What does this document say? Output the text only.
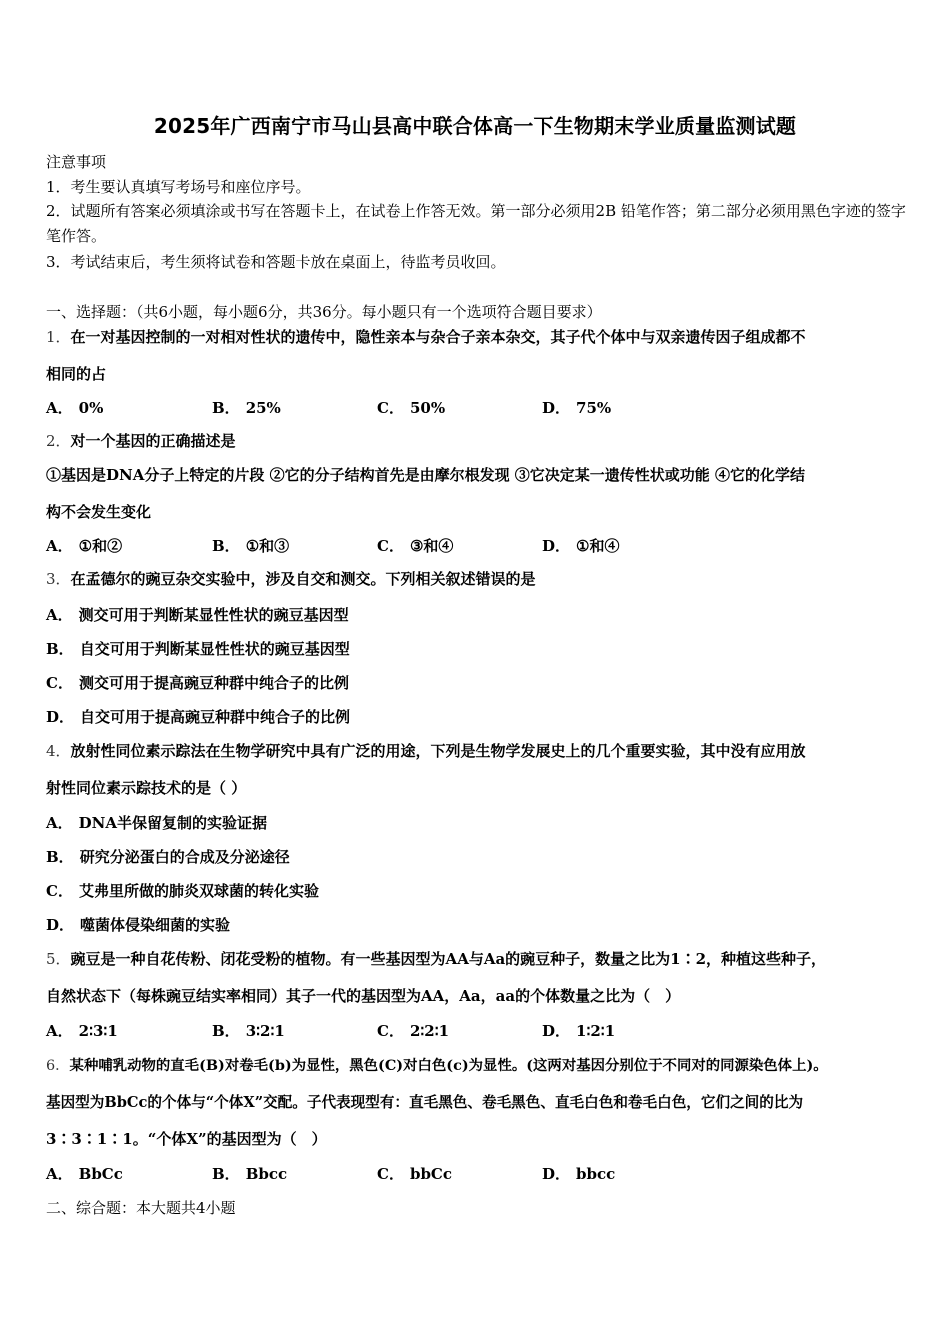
2025年广西南宁市马山县高中联合体高一下生物期末学业质量监测试题
注意事项
1．考生要认真填写考场号和座位序号。
2．试题所有答案必须填涂或书写在答题卡上，在试卷上作答无效。第一部分必须用2B 铅笔作答；第二部分必须用黑色字迹的签字笔作答。
3．考试结束后，考生须将试卷和答题卡放在桌面上，待监考员收回。
一、选择题：（共6小题，每小题6分，共36分。每小题只有一个选项符合题目要求）
1．在一对基因控制的一对相对性状的遗传中，隐性亲本与杂合子亲本杂交，其子代个体中与双亲遗传因子组成都不
相同的占
A． 0%	B． 25%	C． 50%	D． 75%
2．对一个基因的正确描述是
①基因是DNA分子上特定的片段 ②它的分子结构首先是由摩尔根发现 ③它决定某一遗传性状或功能 ④它的化学结
构不会发生变化
A． ①和②	B． ①和③	C． ③和④	D． ①和④
3．在孟德尔的豌豆杂交实验中，涉及自交和测交。下列相关叙述错误的是
A． 测交可用于判断某显性性状的豌豆基因型
B． 自交可用于判断某显性性状的豌豆基因型
C． 测交可用于提高豌豆种群中纯合子的比例
D． 自交可用于提高豌豆种群中纯合子的比例
4．放射性同位素示踪法在生物学研究中具有广泛的用途，下列是生物学发展史上的几个重要实验，其中没有应用放
射性同位素示踪技术的是（ ）
A． DNA半保留复制的实验证据
B． 研究分泌蛋白的合成及分泌途径
C． 艾弗里所做的肺炎双球菌的转化实验
D． 噬菌体侵染细菌的实验
5．豌豆是一种自花传粉、闭花受粉的植物。有一些基因型为AA与Aa的豌豆种子，数量之比为1∶2，种植这些种子，
自然状态下（每株豌豆结实率相同）其子一代的基因型为AA，Aa，aa的个体数量之比为（　）
A． 2∶3∶1	B． 3∶2∶1	C． 2∶2∶1	D． 1∶2∶1
6．某种哺乳动物的直毛(B)对卷毛(b)为显性，黑色(C)对白色(c)为显性。(这两对基因分别位于不同对的同源染色体上)。
基因型为BbCc的个体与“个体X”交配。子代表现型有：直毛黑色、卷毛黑色、直毛白色和卷毛白色，它们之间的比为
3∶3∶1∶1。“个体X”的基因型为（　）
A． BbCc	B． Bbcc	C． bbCc	D． bbcc
二、综合题：本大题共4小题
